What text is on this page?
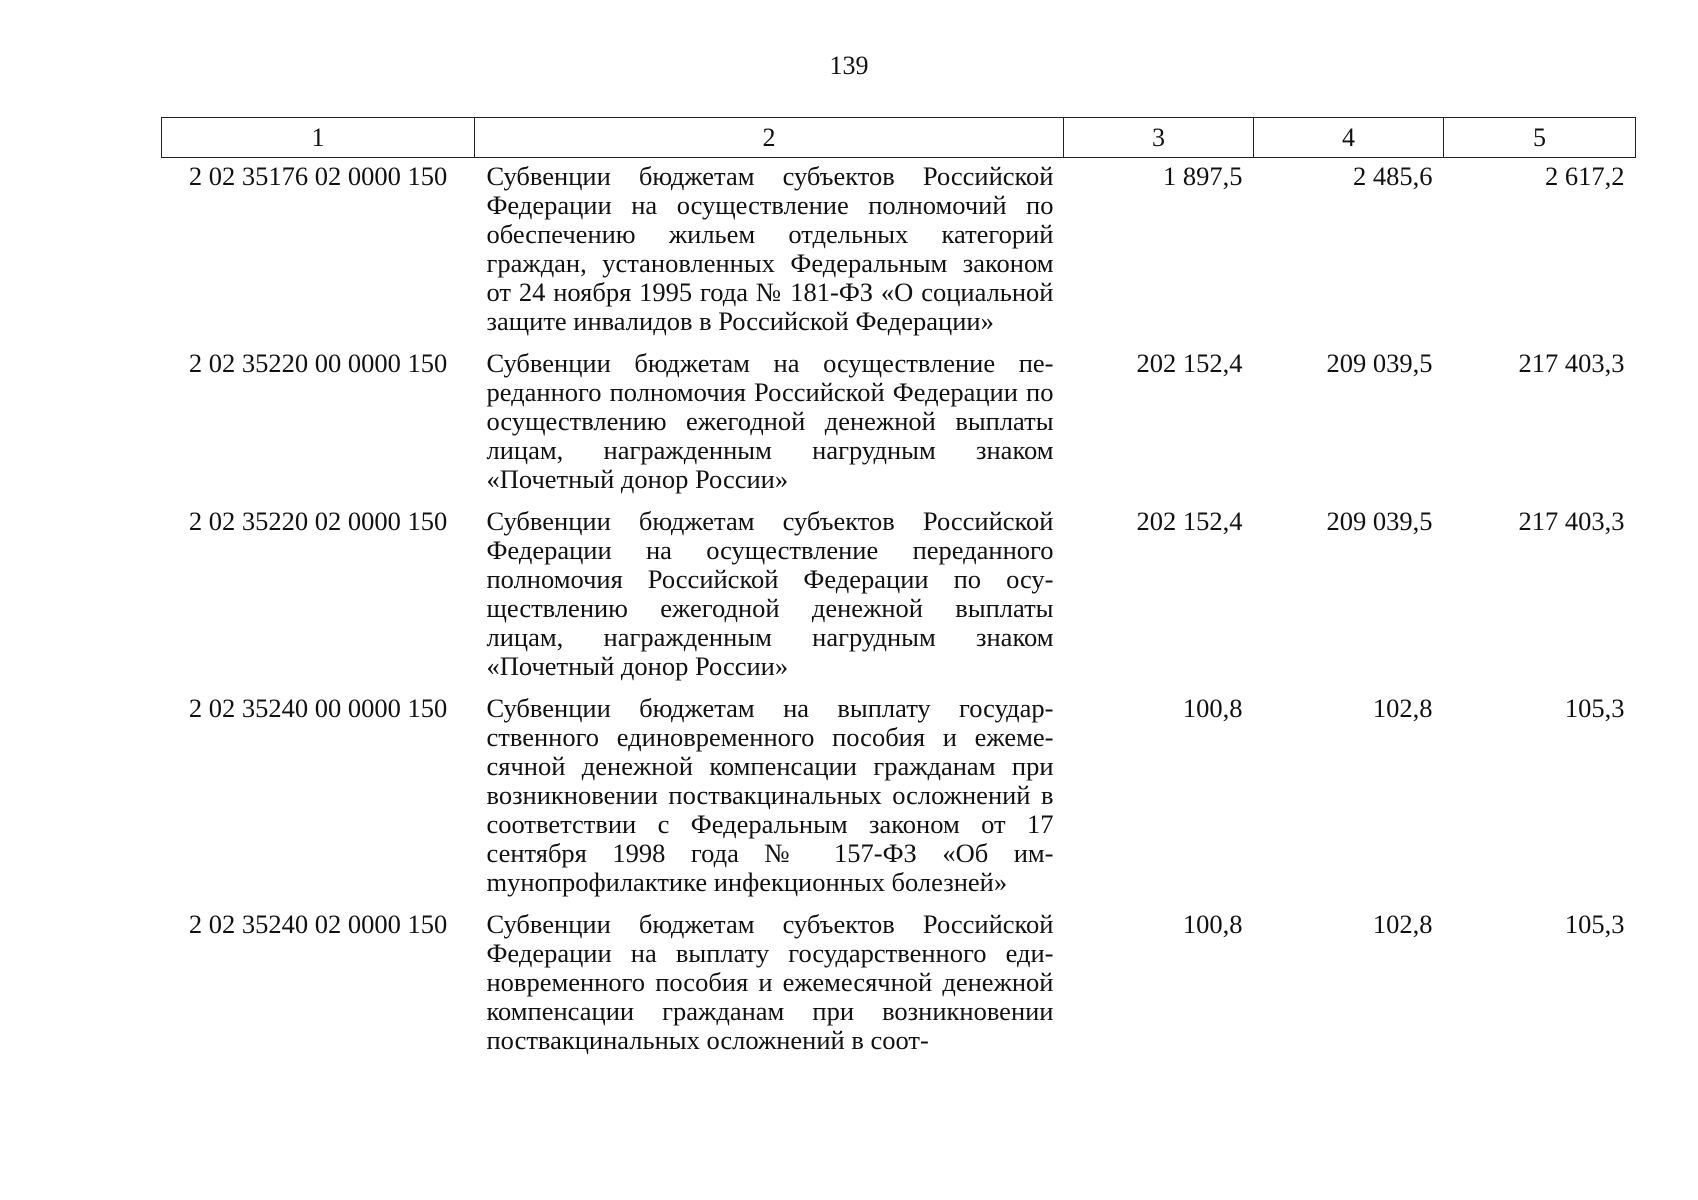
139
1	2	3	4	5
2 02 35176 02 0000 150	Субвенции бюджетам субъектов Российской Федерации на осуществление полномочий по обеспечению жильем отдельных категорий граждан, установленных Федеральным законом от 24 ноября 1995 года № 181-ФЗ «О социальной защите инвалидов в Российской Федерации»	1 897,5	2 485,6	2 617,2
2 02 35220 00 0000 150	Субвенции бюджетам на осуществление переданного полномочия Российской Федерации по осуществлению ежегодной денежной выплаты лицам, награжденным нагрудным знаком «Почетный донор России»	202 152,4	209 039,5	217 403,3
2 02 35220 02 0000 150	Субвенции бюджетам субъектов Российской Федерации на осуществление переданного полномочия Российской Федерации по осуществлению ежегодной денежной выплаты лицам, награжденным нагрудным знаком «Почетный донор России»	202 152,4	209 039,5	217 403,3
2 02 35240 00 0000 150	Субвенции бюджетам на выплату государственного единовременного пособия и ежемесячной денежной компенсации гражданам при возникновении поствакцинальных осложнений в соответствии с Федеральным законом от 17 сентября 1998 года № 157-ФЗ «Об имmунопрофилактике инфекционных болезней»	100,8	102,8	105,3
2 02 35240 02 0000 150	Субвенции бюджетам субъектов Российской Федерации на выплату государственного единовременного пособия и ежемесячной денежной компенсации гражданам при возникновении поствакцинальных осложнений в соот-	100,8	102,8	105,3
